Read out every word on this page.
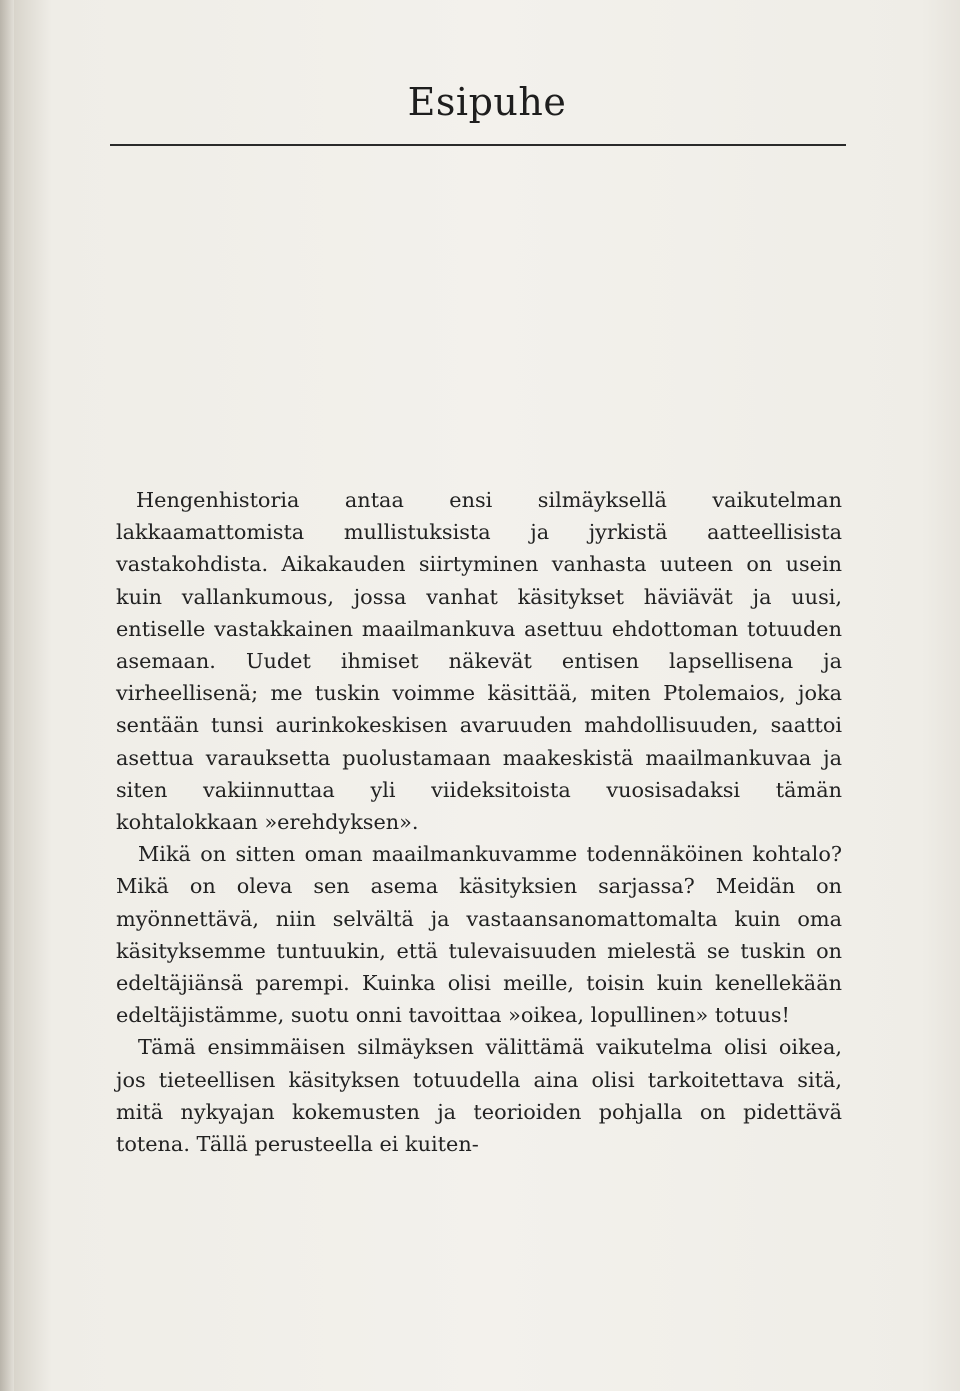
Esipuhe

Hengenhistoria antaa ensi silmäyksellä vaikutelman lakkaamattomista mullistuksista ja jyrkistä aatteellisista vastakohdista. Aikakauden siirtyminen vanhasta uuteen on usein kuin vallankumous, jossa vanhat käsitykset häviävät ja uusi, entiselle vastakkainen maailmankuva asettuu ehdottoman totuuden asemaan. Uudet ihmiset näkevät entisen lapsellisena ja virheellisenä; me tuskin voimme käsittää, miten Ptolemaios, joka sentään tunsi aurinkokeskisen avaruuden mahdollisuuden, saattoi asettua varauksetta puolustamaan maakeskistä maailmankuvaa ja siten vakiinnuttaa yli viideksitoista vuosisadaksi tämän kohtalokkaan »erehdyksen».

Mikä on sitten oman maailmankuvamme todennäköinen kohtalo? Mikä on oleva sen asema käsityksien sarjassa? Meidän on myönnettävä, niin selvältä ja vastaansanomattomalta kuin oma käsityksemme tuntuukin, että tulevaisuuden mielestä se tuskin on edeltäjiänsä parempi. Kuinka olisi meille, toisin kuin kenellekään edeltäjistämme, suotu onni tavoittaa »oikea, lopullinen» totuus!

Tämä ensimmäisen silmäyksen välittämä vaikutelma olisi oikea, jos tieteellisen käsityksen totuudella aina olisi tarkoitettava sitä, mitä nykyajan kokemusten ja teorioiden pohjalla on pidettävä totena. Tällä perusteella ei kuiten-
